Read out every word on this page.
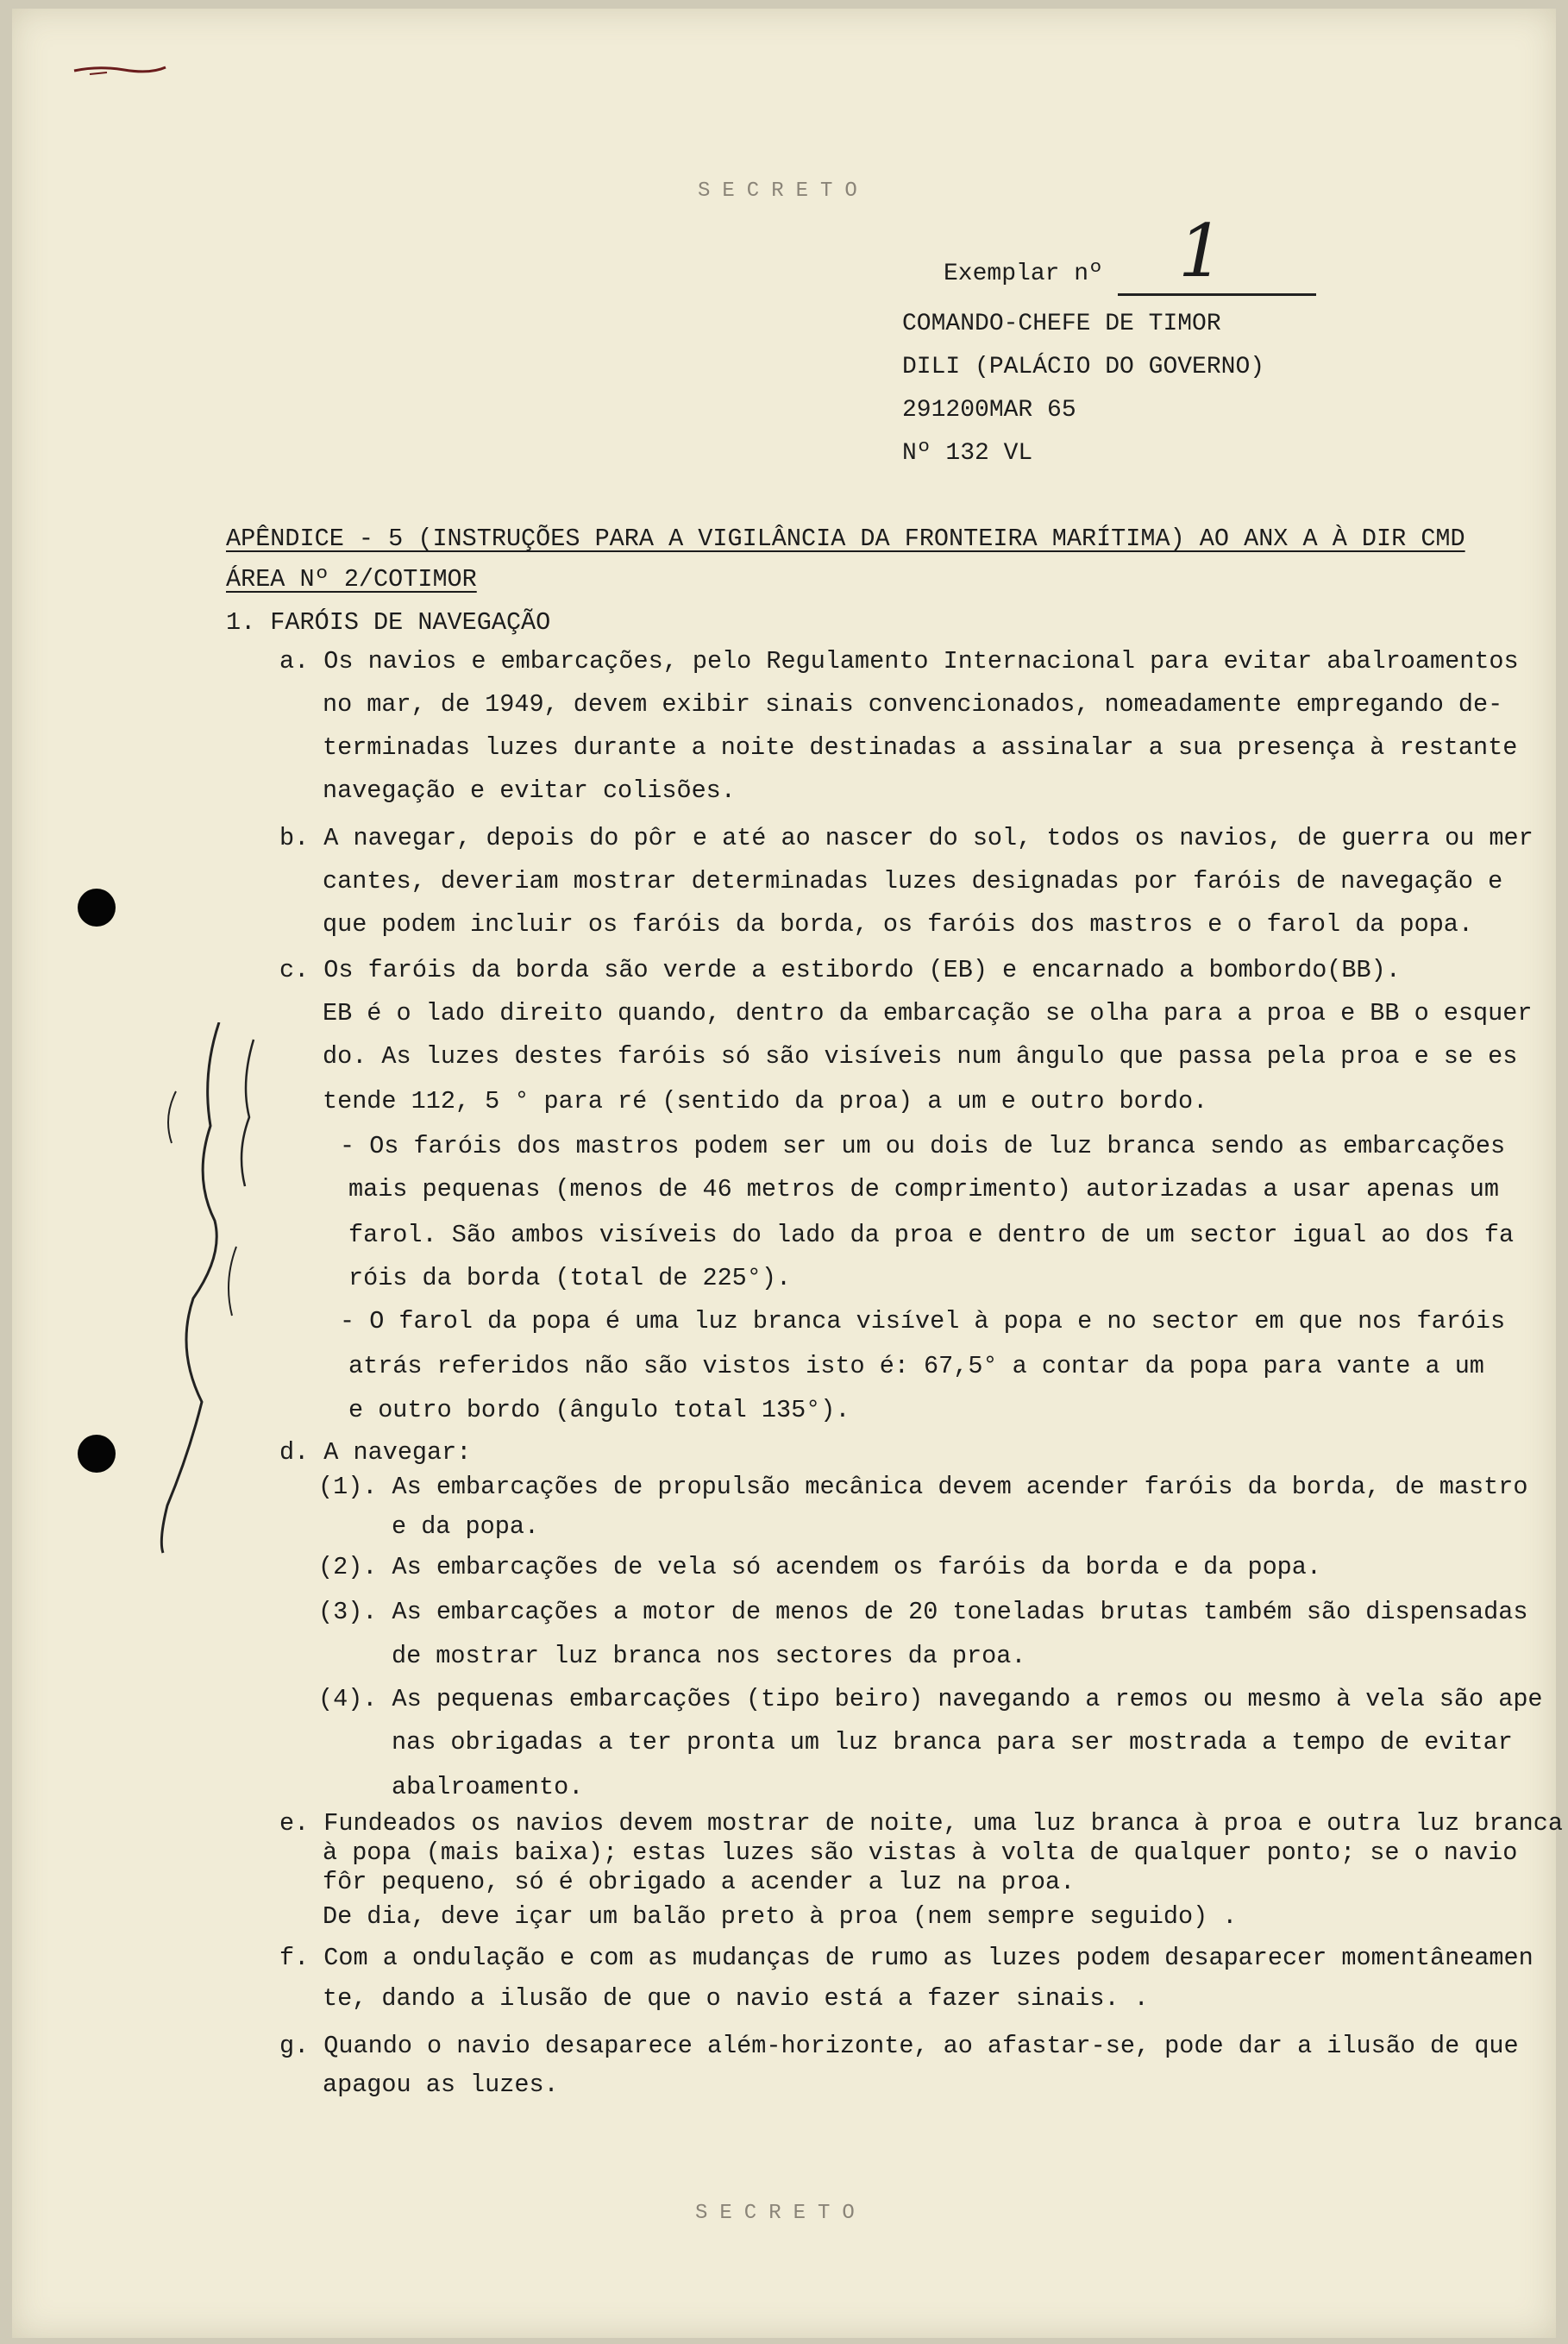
SECRETO
Exemplar nº 1
COMANDO-CHEFE DE TIMOR
DILI (PALÁCIO DO GOVERNO)
291200MAR 65
Nº 132 VL
APÊNDICE - 5 (INSTRUÇÕES PARA A VIGILÂNCIA DA FRONTEIRA MARÍTIMA) AO ANX A À DIR CMD
ÁREA Nº 2/COTIMOR
1. FARÓIS DE NAVEGAÇÃO
a. Os navios e embarcações, pelo Regulamento Internacional para evitar abalroamentos
no mar, de 1949, devem exibir sinais convencionados, nomeadamente empregando de-
terminadas luzes durante a noite destinadas a assinalar a sua presença à restante
navegação e evitar colisões.
b. A navegar, depois do pôr e até ao nascer do sol, todos os navios, de guerra ou mer
cantes, deveriam mostrar determinadas luzes designadas por faróis de navegação e
que podem incluir os faróis da borda, os faróis dos mastros e o farol da popa.
c. Os faróis da borda são verde a estibordo (EB) e encarnado a bombordo(BB).
EB é o lado direito quando, dentro da embarcação se olha para a proa e BB o esquer
do. As luzes destes faróis só são visíveis num ângulo que passa pela proa e se es
tende 112, 5 ° para ré (sentido da proa) a um e outro bordo.
- Os faróis dos mastros podem ser um ou dois de luz branca sendo as embarcações
mais pequenas (menos de 46 metros de comprimento) autorizadas a usar apenas um
farol. São ambos visíveis do lado da proa e dentro de um sector igual ao dos fa
róis da borda (total de 225°).
- O farol da popa é uma luz branca visível à popa e no sector em que nos faróis
atrás referidos não são vistos isto é: 67,5° a contar da popa para vante a um
e outro bordo (ângulo total 135°).
d. A navegar:
(1). As embarcações de propulsão mecânica devem acender faróis da borda, de mastro
e da popa.
(2). As embarcações de vela só acendem os faróis da borda e da popa.
(3). As embarcações a motor de menos de 20 toneladas brutas também são dispensadas
de mostrar luz branca nos sectores da proa.
(4). As pequenas embarcações (tipo beiro) navegando a remos ou mesmo à vela são ape
nas obrigadas a ter pronta um luz branca para ser mostrada a tempo de evitar
abalroamento.
e. Fundeados os navios devem mostrar de noite, uma luz branca à proa e outra luz branca
à popa (mais baixa); estas luzes são vistas à volta de qualquer ponto; se o navio
fôr pequeno, só é obrigado a acender a luz na proa.
De dia, deve içar um balão preto à proa (nem sempre seguido) .
f. Com a ondulação e com as mudanças de rumo as luzes podem desaparecer momentâneamen
te, dando a ilusão de que o navio está a fazer sinais. .
g. Quando o navio desaparece além-horizonte, ao afastar-se, pode dar a ilusão de que
apagou as luzes.
SECRETO
